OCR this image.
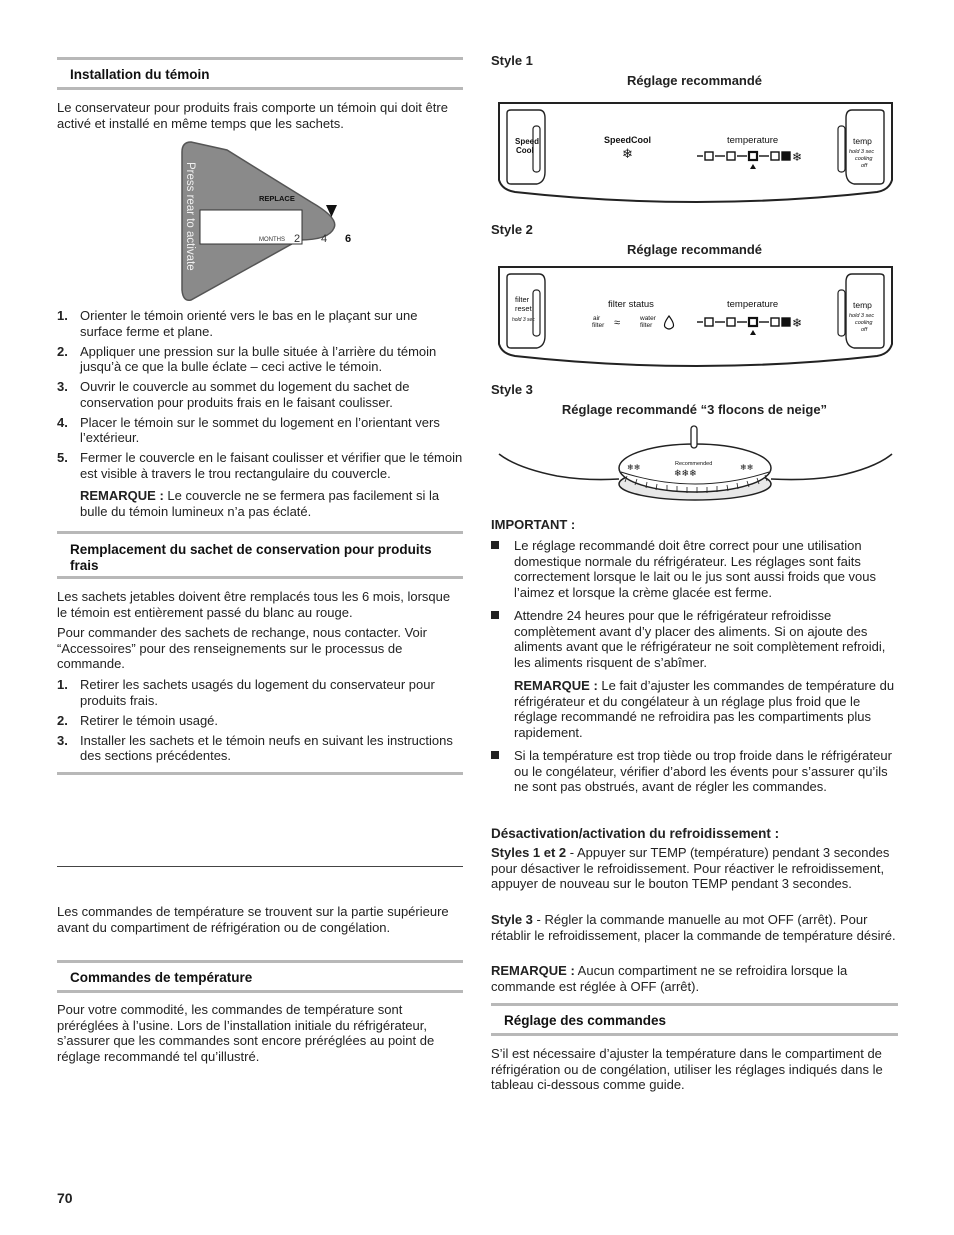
Installation du témoin

Le conservateur pour produits frais comporte un témoin qui doit être activé et installé en même temps que les sachets.

REPLACE
MONTHS 2 4 6
Press rear to activate
1. Orienter le témoin orienté vers le bas en le plaçant sur une surface ferme et plane.
2. Appliquer une pression sur la bulle située à l’arrière du témoin jusqu’à ce que la bulle éclate – ceci active le témoin.
3. Ouvrir le couvercle au sommet du logement du sachet de conservation pour produits frais en le faisant coulisser.
4. Placer le témoin sur le sommet du logement en l’orientant vers l’extérieur.
5. Fermer le couvercle en le faisant coulisser et vérifier que le témoin est visible à travers le trou rectangulaire du couvercle.

REMARQUE : Le couvercle ne se fermera pas facilement si la bulle du témoin lumineux n’a pas éclaté.

Remplacement du sachet de conservation pour produits frais

Les sachets jetables doivent être remplacés tous les 6 mois, lorsque le témoin est entièrement passé du blanc au rouge.

Pour commander des sachets de rechange, nous contacter. Voir “Accessoires” pour des renseignements sur le processus de commande.

1. Retirer les sachets usagés du logement du conservateur pour produits frais.
2. Retirer le témoin usagé.
3. Installer les sachets et le témoin neufs en suivant les instructions des sections précédentes.

Les commandes de température se trouvent sur la partie supérieure avant du compartiment de réfrigération ou de congélation.

Commandes de température

Pour votre commodité, les commandes de température sont préréglées à l’usine. Lors de l’installation initiale du réfrigérateur, s’assurer que les commandes sont encore préréglées au point de réglage recommandé tel qu’illustré.

Style 1
Réglage recommandé
Speed
Cool
SpeedCool
❄
temperature
❄
temp
hold 3 sec
cooling
off
Style 2
Réglage recommandé
filter
reset
hold 3 sec
filter status
air
filter ≈	water
filter
temperature
❄
temp
hold 3 sec
cooling
off
Style 3
Réglage recommandé “3 flocons de neige”
Recommended
❄❄❄
❄❄	❄❄
IMPORTANT :
Le réglage recommandé doit être correct pour une utilisation domestique normale du réfrigérateur. Les réglages sont faits correctement lorsque le lait ou le jus sont aussi froids que vous l’aimez et lorsque la crème glacée est ferme.
Attendre 24 heures pour que le réfrigérateur refroidisse complètement avant d’y placer des aliments. Si on ajoute des aliments avant que le réfrigérateur ne soit complètement refroidi, les aliments risquent de s’abîmer.

REMARQUE : Le fait d’ajuster les commandes de température du réfrigérateur et du congélateur à un réglage plus froid que le réglage recommandé ne refroidira pas les compartiments plus rapidement.

Si la température est trop tiède ou trop froide dans le réfrigérateur ou le congélateur, vérifier d’abord les évents pour s’assurer qu’ils ne sont pas obstrués, avant de régler les commandes.
Désactivation/activation du refroidissement :

Styles 1 et 2 - Appuyer sur TEMP (température) pendant 3 secondes pour désactiver le refroidissement. Pour réactiver le refroidissement, appuyer de nouveau sur le bouton TEMP pendant 3 secondes.

Style 3 - Régler la commande manuelle au mot OFF (arrêt). Pour rétablir le refroidissement, placer la commande de température désiré.

REMARQUE : Aucun compartiment ne se refroidira lorsque la commande est réglée à OFF (arrêt).

Réglage des commandes

S’il est nécessaire d’ajuster la température dans le compartiment de réfrigération ou de congélation, utiliser les réglages indiqués dans le tableau ci-dessous comme guide.

70
